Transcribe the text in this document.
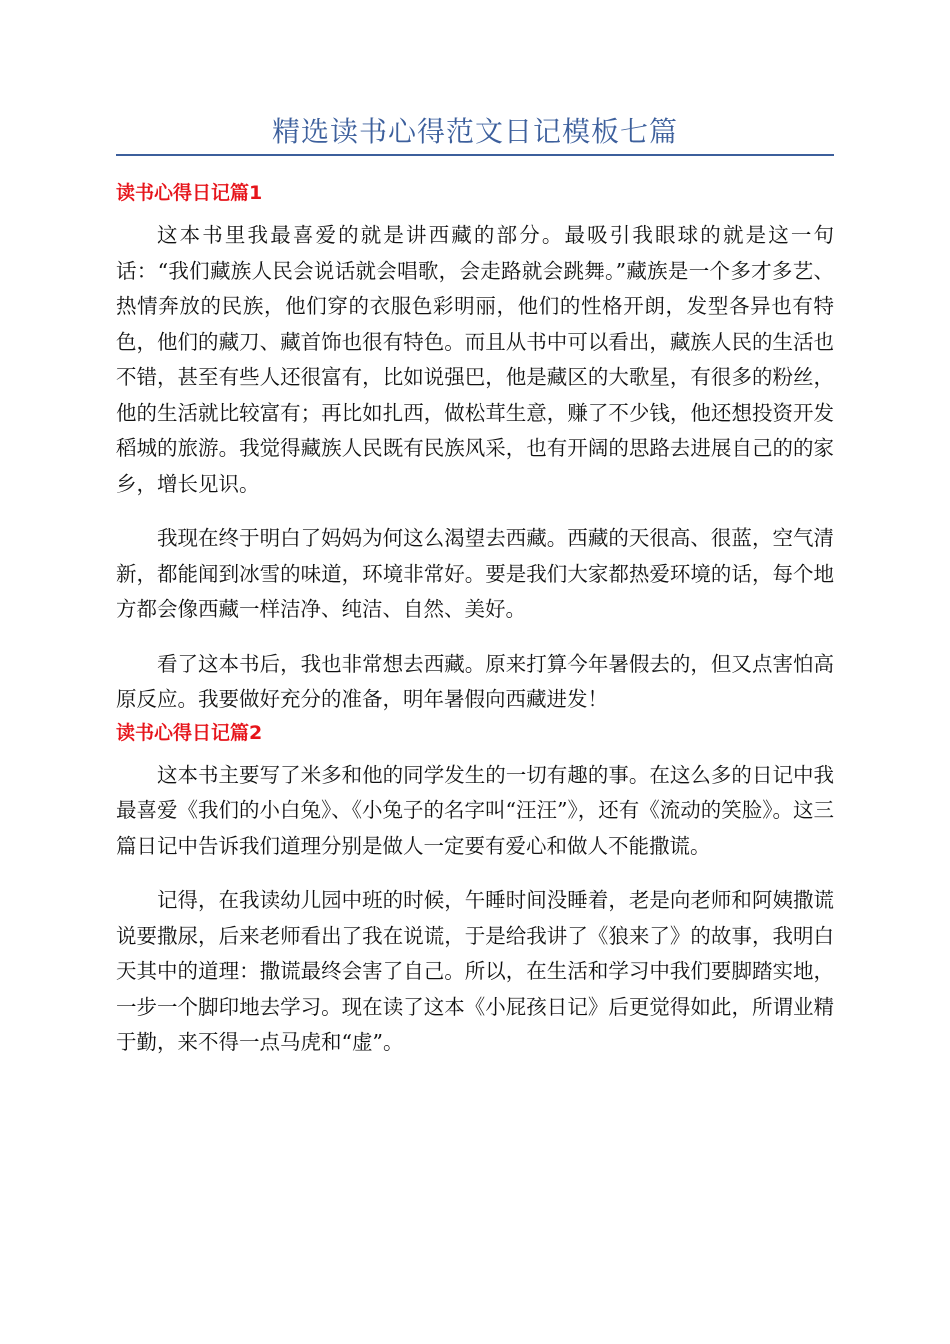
精选读书心得范文日记模板七篇
读书心得日记篇1

这本书里我最喜爱的就是讲西藏的部分。最吸引我眼球的就是这一句话：“我们藏族人民会说话就会唱歌，会走路就会跳舞。”藏族是一个多才多艺、热情奔放的民族，他们穿的衣服色彩明丽，他们的性格开朗，发型各异也有特色，他们的藏刀、藏首饰也很有特色。而且从书中可以看出，藏族人民的生活也不错，甚至有些人还很富有，比如说强巴，他是藏区的大歌星，有很多的粉丝，他的生活就比较富有；再比如扎西，做松茸生意，赚了不少钱，他还想投资开发稻城的旅游。我觉得藏族人民既有民族风采，也有开阔的思路去进展自己的的家乡，增长见识。

我现在终于明白了妈妈为何这么渴望去西藏。西藏的天很高、很蓝，空气清新，都能闻到冰雪的味道，环境非常好。要是我们大家都热爱环境的话，每个地方都会像西藏一样洁净、纯洁、自然、美好。

看了这本书后，我也非常想去西藏。原来打算今年暑假去的，但又点害怕高原反应。我要做好充分的准备，明年暑假向西藏进发！

读书心得日记篇2

这本书主要写了米多和他的同学发生的一切有趣的事。在这么多的日记中我最喜爱《我们的小白兔》、《小兔子的名字叫“汪汪”》，还有《流动的笑脸》。这三篇日记中告诉我们道理分别是做人一定要有爱心和做人不能撒谎。

记得，在我读幼儿园中班的时候，午睡时间没睡着，老是向老师和阿姨撒谎说要撒尿，后来老师看出了我在说谎，于是给我讲了《狼来了》的故事，我明白天其中的道理：撒谎最终会害了自己。所以，在生活和学习中我们要脚踏实地，一步一个脚印地去学习。现在读了这本《小屁孩日记》后更觉得如此，所谓业精于勤，来不得一点马虎和“虚”。
